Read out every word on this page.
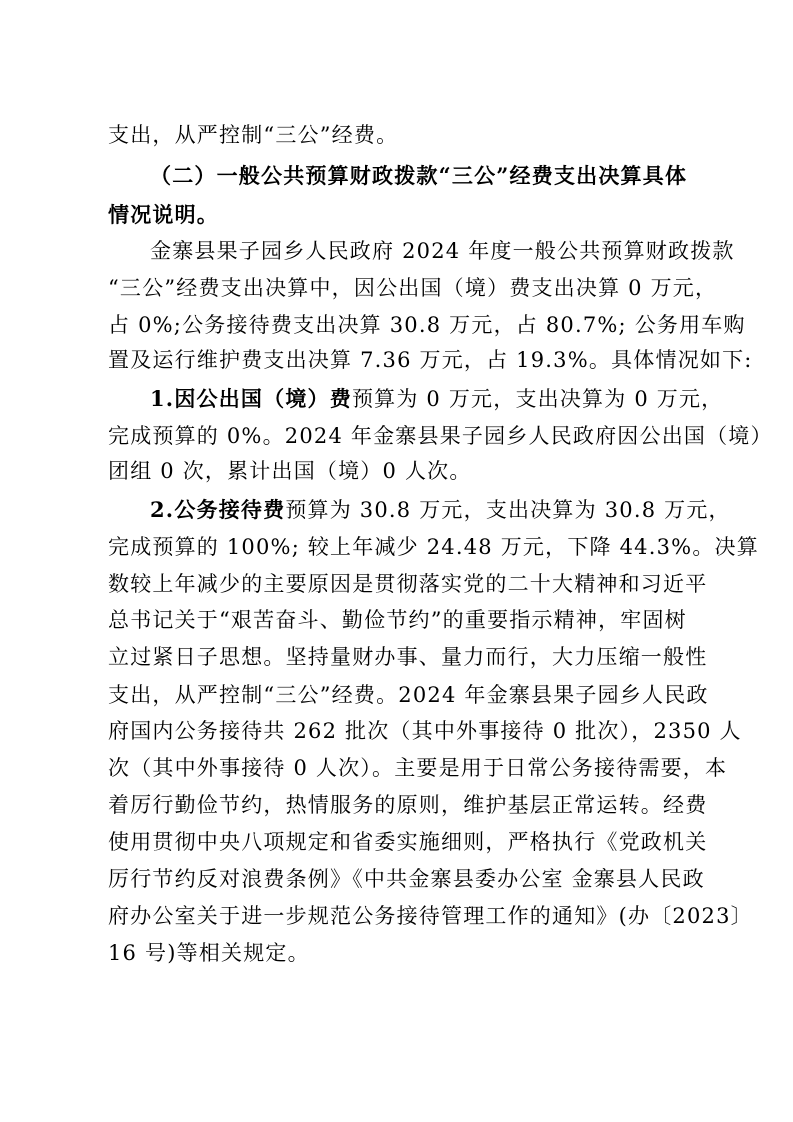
支出，从严控制“三公”经费。
（二）一般公共预算财政拨款“三公”经费支出决算具体
情况说明。
金寨县果子园乡人民政府 2024 年度一般公共预算财政拨款
“三公”经费支出决算中，因公出国（境）费支出决算 0 万元，
占 0%;公务接待费支出决算 30.8 万元，占 80.7%; 公务用车购
置及运行维护费支出决算 7.36 万元，占 19.3%。具体情况如下:
1.因公出国（境）费预算为 0 万元，支出决算为 0 万元，
完成预算的 0%。2024 年金寨县果子园乡人民政府因公出国（境）
团组 0 次，累计出国（境）0 人次。
2.公务接待费预算为 30.8 万元，支出决算为 30.8 万元，
完成预算的 100%; 较上年减少 24.48 万元，下降 44.3%。决算
数较上年减少的主要原因是贯彻落实党的二十大精神和习近平
总书记关于“艰苦奋斗、勤俭节约”的重要指示精神，牢固树
立过紧日子思想。坚持量财办事、量力而行，大力压缩一般性
支出，从严控制“三公”经费。2024 年金寨县果子园乡人民政
府国内公务接待共 262 批次（其中外事接待 0 批次），2350 人
次（其中外事接待 0 人次）。主要是用于日常公务接待需要，本
着厉行勤俭节约，热情服务的原则，维护基层正常运转。经费
使用贯彻中央八项规定和省委实施细则，严格执行《党政机关
厉行节约反对浪费条例》《中共金寨县委办公室 金寨县人民政
府办公室关于进一步规范公务接待管理工作的通知》(办〔2023〕
16 号)等相关规定。
